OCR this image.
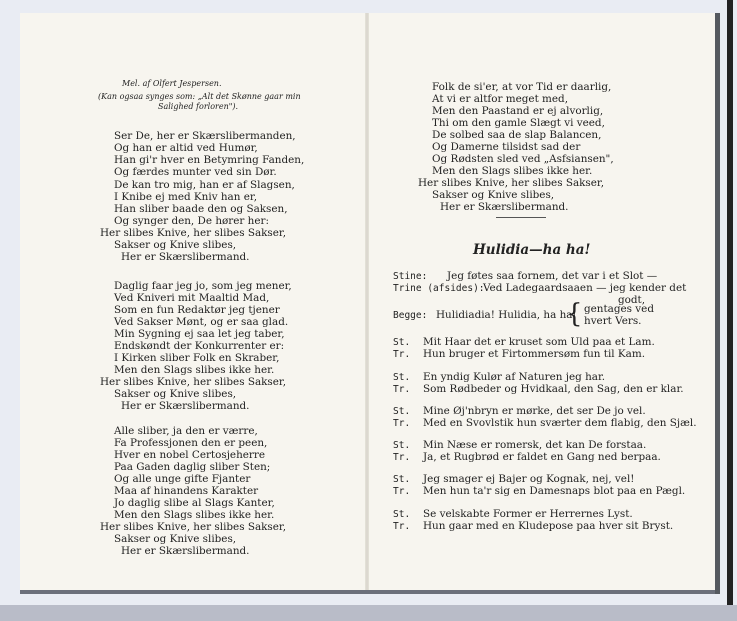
Mel. af Olfert Jespersen.
(Kan ogsaa synges som: „Alt det Skønne gaar min
Salighed forloren").
Ser De, her er Skærslibermanden,
Og han er altid ved Humør,
Han gi'r hver en Betymring Fanden,
Og færdes munter ved sin Dør.
De kan tro mig, han er af Slagsen,
I Knibe ej med Kniv han er,
Han sliber baade den og Saksen,
Og synger den, De hører her:
Her slibes Knive, her slibes Sakser,
Sakser og Knive slibes,
Her er Skærslibermand.
Daglig faar jeg jo, som jeg mener,
Ved Kniveri mit Maaltid Mad,
Som en fun Redaktør jeg tjener
Ved Sakser Mønt, og er saa glad.
Min Sygning ej saa let jeg taber,
Endskøndt der Konkurrenter er:
I Kirken sliber Folk en Skraber,
Men den Slags slibes ikke her.
Her slibes Knive, her slibes Sakser,
Sakser og Knive slibes,
Her er Skærslibermand.
Alle sliber, ja den er værre,
Fa Professjonen den er peen,
Hver en nobel Certosjeherre
Paa Gaden daglig sliber Sten;
Og alle unge gifte Fjanter
Maa af hinandens Karakter
Jo daglig slibe al Slags Kanter,
Men den Slags slibes ikke her.
Her slibes Knive, her slibes Sakser,
Sakser og Knive slibes,
Her er Skærslibermand.
Folk de si'er, at vor Tid er daarlig,
At vi er altfor meget med,
Men den Paastand er ej alvorlig,
Thi om den gamle Slægt vi veed,
De solbed saa de slap Balancen,
Og Damerne tilsidst sad der
Og Rødsten sled ved „Asfsiansen",
Men den Slags slibes ikke her.
Her slibes Knive, her slibes Sakser,
Sakser og Knive slibes,
Her er Skærslibermand.
Hulidia—ha ha!
Stine: Jeg føtes saa fornem, det var i et Slot —
Trine (afsides):
Ved Ladegaardsaaen — jeg kender det
godt,
Begge: Hulidiadia! Hulidia, ha ha!
{ gentages ved
hvert Vers.
St. Mit Haar det er kruset som Uld paa et Lam.
Tr. Hun bruger et Firtommersøm fun til Kam.
St. En yndig Kulør af Naturen jeg har.
Tr. Som Rødbeder og Hvidkaal, den Sag, den er klar.
St. Mine Øj'nbryn er mørke, det ser De jo vel.
Tr. Med en Svovlstik hun sværter dem flabig, den Sjæl.
St. Min Næse er romersk, det kan De forstaa.
Tr. Ja, et Rugbrød er faldet en Gang ned berpaa.
St. Jeg smager ej Bajer og Kognak, nej, vel!
Tr. Men hun ta'r sig en Damesnaps blot paa en Pægl.
St. Se velskabte Former er Herrernes Lyst.
Tr. Hun gaar med en Kludepose paa hver sit Bryst.
